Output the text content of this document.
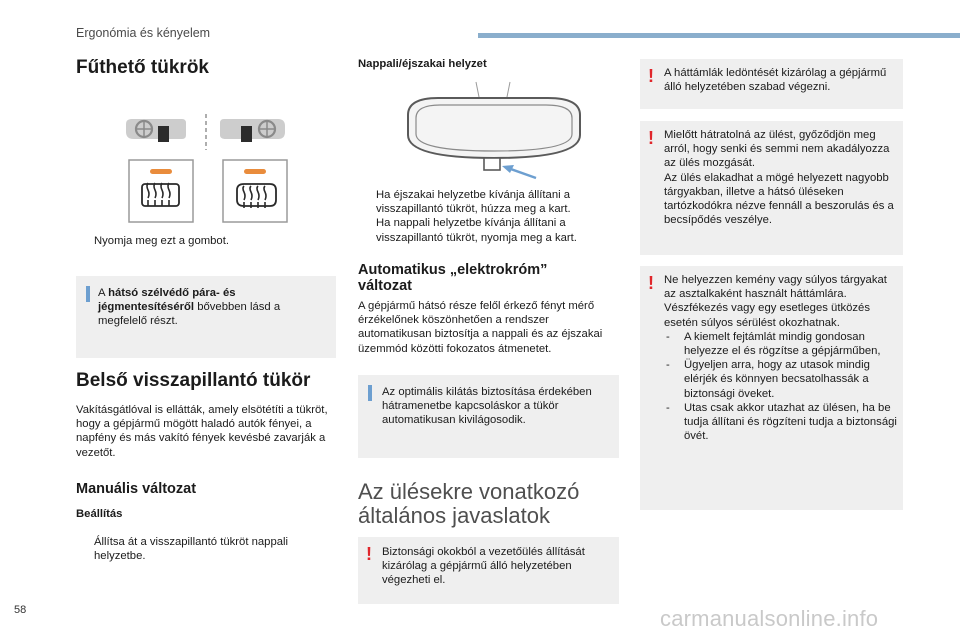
Ergonómia és kényelem
Fűthető tükrök
Nyomja meg ezt a gombot.
A hátsó szélvédő pára- és jégmentesítéséről bővebben lásd a megfelelő részt.
Belső visszapillantó tükör
Vakításgátlóval is ellátták, amely elsötétíti a tükröt, hogy a gépjármű mögött haladó autók fényei, a napfény és más vakító fények kevésbé zavarják a vezetőt.
Manuális változat
Beállítás
Állítsa át a visszapillantó tükröt nappali helyzetbe.
Nappali/éjszakai helyzet
Ha éjszakai helyzetbe kívánja állítani a visszapillantó tükröt, húzza meg a kart.
Ha nappali helyzetbe kívánja állítani a visszapillantó tükröt, nyomja meg a kart.
Automatikus „elektrokróm”
változat
A gépjármű hátsó része felől érkező fényt mérő érzékelőnek köszönhetően a rendszer automatikusan biztosítja a nappali és az éjszakai üzemmód közötti fokozatos átmenetet.
Az optimális kilátás biztosítása érdekében hátramenetbe kapcsoláskor a tükör automatikusan kivilágosodik.
Az ülésekre vonatkozó
általános javaslatok
! Biztonsági okokból a vezetőülés állítását kizárólag a gépjármű álló helyzetében végezheti el.
! A háttámlák ledöntését kizárólag a gépjármű álló helyzetében szabad végezni.
! Mielőtt hátratolná az ülést, győződjön meg arról, hogy senki és semmi nem akadályozza az ülés mozgását.
Az ülés elakadhat a mögé helyezett nagyobb tárgyakban, illetve a hátsó üléseken tartózkodókra nézve fennáll a beszorulás és a becsípődés veszélye.
! Ne helyezzen kemény vagy súlyos tárgyakat az asztalkaként használt háttámlára. Vészfékezés vagy egy esetleges ütközés esetén súlyos sérülést okozhatnak.
- A kiemelt fejtámlát mindig gondosan helyezze el és rögzítse a gépjárműben,
- Ügyeljen arra, hogy az utasok mindig elérjék és könnyen becsatolhassák a biztonsági öveket.
- Utas csak akkor utazhat az ülésen, ha be tudja állítani és rögzíteni tudja a biztonsági övét.
58	carmanualsonline.info
